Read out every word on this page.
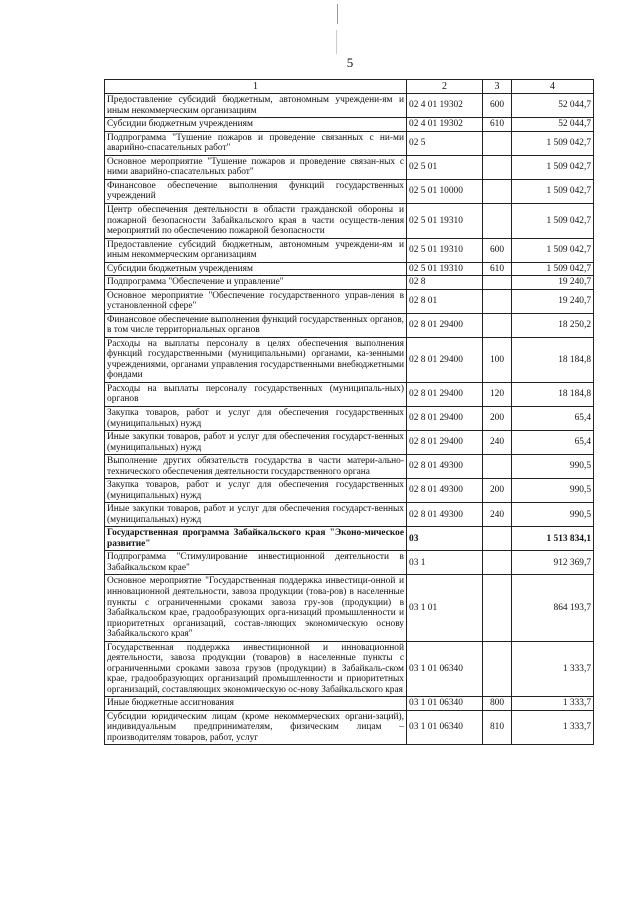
5
1	2	3	4
Предоставление субсидий бюджетным, автономным учреждени-ям и иным некоммерческим организациям	02 4 01 19302	600	52 044,7
Субсидии бюджетным учреждениям	02 4 01 19302	610	52 044,7
Подпрограмма "Тушение пожаров и проведение связанных с ни-ми аварийно-спасательных работ"	02 5		1 509 042,7
Основное мероприятие "Тушение пожаров и проведение связан-ных с ними аварийно-спасательных работ"	02 5 01		1 509 042,7
Финансовое обеспечение выполнения функций государственных учреждений	02 5 01 10000		1 509 042,7
Центр обеспечения деятельности в области гражданской обороны и пожарной безопасности Забайкальского края в части осуществ-ления мероприятий по обеспечению пожарной безопасности	02 5 01 19310		1 509 042,7
Предоставление субсидий бюджетным, автономным учреждени-ям и иным некоммерческим организациям	02 5 01 19310	600	1 509 042,7
Субсидии бюджетным учреждениям	02 5 01 19310	610	1 509 042,7
Подпрограмма "Обеспечение и управление"	02 8		19 240,7
Основное мероприятие "Обеспечение государственного управ-ления в установленной сфере"	02 8 01		19 240,7
Финансовое обеспечение выполнения функций государственных органов, в том числе территориальных органов	02 8 01 29400		18 250,2
Расходы на выплаты персоналу в целях обеспечения выполнения функций государственными (муниципальными) органами, ка-зенными учреждениями, органами управления государственными внебюджетными фондами	02 8 01 29400	100	18 184,8
Расходы на выплаты персоналу государственных (муниципаль-ных) органов	02 8 01 29400	120	18 184,8
Закупка товаров, работ и услуг для обеспечения государственных (муниципальных) нужд	02 8 01 29400	200	65,4
Иные закупки товаров, работ и услуг для обеспечения государст-венных (муниципальных) нужд	02 8 01 29400	240	65,4
Выполнение других обязательств государства в части матери-ально-технического обеспечения деятельности государственного органа	02 8 01 49300		990,5
Закупка товаров, работ и услуг для обеспечения государственных (муниципальных) нужд	02 8 01 49300	200	990,5
Иные закупки товаров, работ и услуг для обеспечения государст-венных (муниципальных) нужд	02 8 01 49300	240	990,5
Государственная программа Забайкальского края "Эконо-мическое развитие"	03		1 513 834,1
Подпрограмма "Стимулирование инвестиционной деятельности в Забайкальском крае"	03 1		912 369,7
Основное мероприятие "Государственная поддержка инвестици-онной и инновационной деятельности, завоза продукции (това-ров) в населенные пункты с ограниченными сроками завоза гру-зов (продукции) в Забайкальском крае, градообразующих орга-низаций промышленности и приоритетных организаций, состав-ляющих экономическую основу Забайкальского края"	03 1 01		864 193,7
Государственная поддержка инвестиционной и инновационной деятельности, завоза продукции (товаров) в населенные пункты с ограниченными сроками завоза грузов (продукции) в Забайкаль-ском крае, градообразующих организаций промышленности и приоритетных организаций, составляющих экономическую ос-нову Забайкальского края	03 1 01 06340		1 333,7
Иные бюджетные ассигнования	03 1 01 06340	800	1 333,7
Субсидии юридическим лицам (кроме некоммерческих органи-заций), индивидуальным предпринимателям, физическим лицам – производителям товаров, работ, услуг	03 1 01 06340	810	1 333,7
